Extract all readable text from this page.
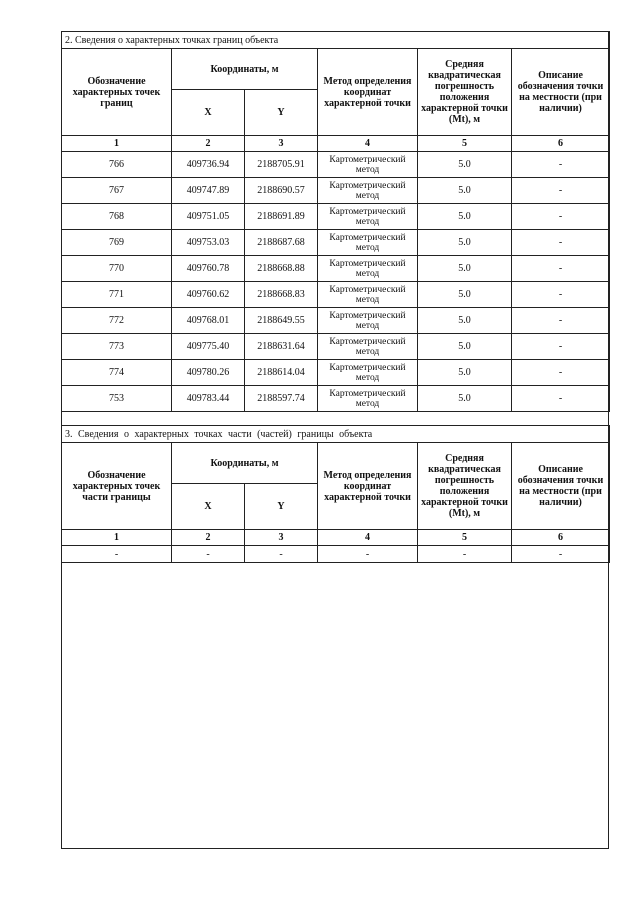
2. Сведения о характерных точках границ объекта					
Обозначение характерных точек границ	Координаты, м		Метод определения координат характерной точки	Средняя квадратическая погрешность положения характерной точки (Mt), м	Описание обозначения точки на местности (при наличии)
	X	Y			
1	2	3	4	5	6
766	409736.94	2188705.91	Картометрический метод	5.0	-
767	409747.89	2188690.57	Картометрический метод	5.0	-
768	409751.05	2188691.89	Картометрический метод	5.0	-
769	409753.03	2188687.68	Картометрический метод	5.0	-
770	409760.78	2188668.88	Картометрический метод	5.0	-
771	409760.62	2188668.83	Картометрический метод	5.0	-
772	409768.01	2188649.55	Картометрический метод	5.0	-
773	409775.40	2188631.64	Картометрический метод	5.0	-
774	409780.26	2188614.04	Картометрический метод	5.0	-
753	409783.44	2188597.74	Картометрический метод	5.0	-
3. Сведения о характерных точках части (частей) границы объекта					
Обозначение характерных точек части границы	Координаты, м		Метод определения координат характерной точки	Средняя квадратическая погрешность положения характерной точки (Mt), м	Описание обозначения точки на местности (при наличии)
	X	Y			
1	2	3	4	5	6
-	-	-	-	-	-
